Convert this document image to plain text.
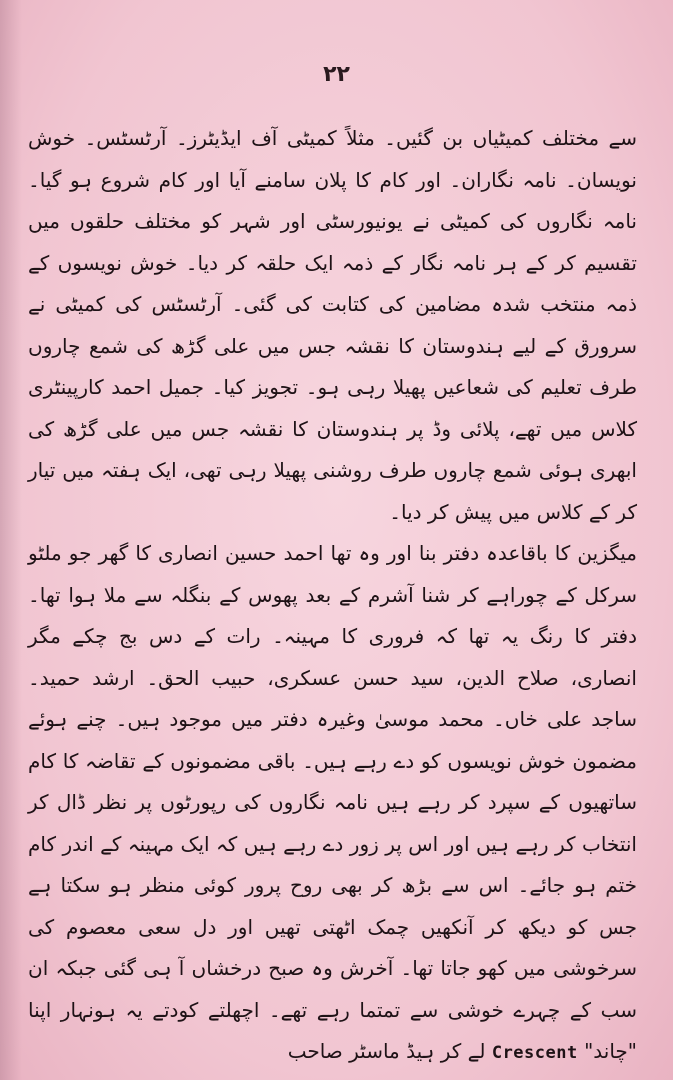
۲۲

سے مختلف کمیٹیاں بن گئیں۔ مثلاً کمیٹی آف ایڈیٹرز۔ آرٹسٹس۔ خوش نویسان۔ نامہ نگاران۔ اور کام کا پلان سامنے آیا اور کام شروع ہو گیا۔ نامہ نگاروں کی کمیٹی نے یونیورسٹی اور شہر کو مختلف حلقوں میں تقسیم کر کے ہر نامہ نگار کے ذمہ ایک حلقہ کر دیا۔ خوش نویسوں کے ذمہ منتخب شدہ مضامین کی کتابت کی گئی۔ آرٹسٹس کی کمیٹی نے سرورق کے لیے ہندوستان کا نقشہ جس میں علی گڑھ کی شمع چاروں طرف تعلیم کی شعاعیں پھیلا رہی ہو۔ تجویز کیا۔ جمیل احمد کارپینٹری کلاس میں تھے، پلائی وڈ پر ہندوستان کا نقشہ جس میں علی گڑھ کی ابھری ہوئی شمع چاروں طرف روشنی پھیلا رہی تھی، ایک ہفتہ میں تیار کر کے کلاس میں پیش کر دیا۔

میگزین کا باقاعدہ دفتر بنا اور وہ تھا احمد حسین انصاری کا گھر جو ملٹو سرکل کے چوراہے کر شنا آشرم کے بعد پھوس کے بنگلہ سے ملا ہوا تھا۔ دفتر کا رنگ یہ تھا کہ فروری کا مہینہ۔ رات کے دس بج چکے مگر انصاری، صلاح الدین، سید حسن عسکری، حبیب الحق۔ ارشد حمید۔ ساجد علی خاں۔ محمد موسیٰ وغیرہ دفتر میں موجود ہیں۔ چنے ہوئے مضمون خوش نویسوں کو دے رہے ہیں۔ باقی مضمونوں کے تقاضہ کا کام ساتھیوں کے سپرد کر رہے ہیں نامہ نگاروں کی رپورٹوں پر نظر ڈال کر انتخاب کر رہے ہیں اور اس پر زور دے رہے ہیں کہ ایک مہینہ کے اندر کام ختم ہو جائے۔ اس سے بڑھ کر بھی روح پرور کوئی منظر ہو سکتا ہے جس کو دیکھ کر آنکھیں چمک اٹھتی تھیں اور دل سعی معصوم کی سرخوشی میں کھو جاتا تھا۔ آخرش وہ صبح درخشاں آ ہی گئی جبکہ ان سب کے چہرے خوشی سے تمتما رہے تھے۔ اچھلتے کودتے یہ ہونہار اپنا "چاند" Crescent لے کر ہیڈ ماسٹر صاحب
